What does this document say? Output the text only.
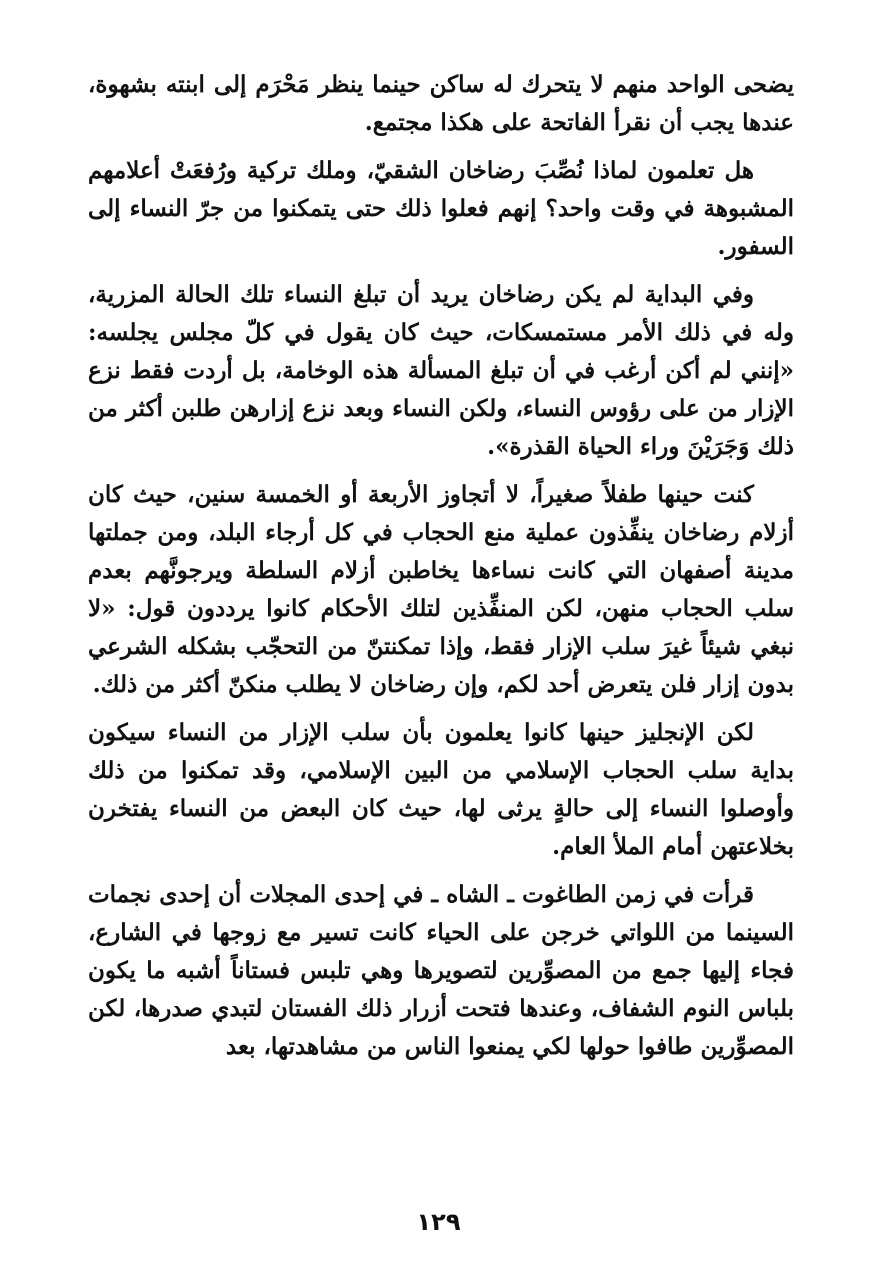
يضحى الواحد منهم لا يتحرك له ساكن حينما ينظر مَحْرَم إلى ابنته بشهوة، عندها يجب أن نقرأ الفاتحة على هكذا مجتمع.

هل تعلمون لماذا نُصِّبَ رضاخان الشقيّ، وملك تركية ورُفعَتْ أعلامهم المشبوهة في وقت واحد؟ إنهم فعلوا ذلك حتى يتمكنوا من جرّ النساء إلى السفور.

وفي البداية لم يكن رضاخان يريد أن تبلغ النساء تلك الحالة المزرية، وله في ذلك الأمر مستمسكات، حيث كان يقول في كلّ مجلس يجلسه: «إنني لم أكن أرغب في أن تبلغ المسألة هذه الوخامة، بل أردت فقط نزع الإزار من على رؤوس النساء، ولكن النساء وبعد نزع إزارهن طلبن أكثر من ذلك وَجَرَيْنَ وراء الحياة القذرة».

كنت حينها طفلاً صغيراً، لا أتجاوز الأربعة أو الخمسة سنين، حيث كان أزلام رضاخان ينفِّذون عملية منع الحجاب في كل أرجاء البلد، ومن جملتها مدينة أصفهان التي كانت نساءها يخاطبن أزلام السلطة ويرجونَّهم بعدم سلب الحجاب منهن، لكن المنفِّذين لتلك الأحكام كانوا يرددون قول: «لا نبغي شيئاً غيرَ سلب الإزار فقط، وإذا تمكنتنّ من التحجّب بشكله الشرعي بدون إزار فلن يتعرض أحد لكم، وإن رضاخان لا يطلب منكنّ أكثر من ذلك.

لكن الإنجليز حينها كانوا يعلمون بأن سلب الإزار من النساء سيكون بداية سلب الحجاب الإسلامي من البين الإسلامي، وقد تمكنوا من ذلك وأوصلوا النساء إلى حالةٍ يرثى لها، حيث كان البعض من النساء يفتخرن بخلاعتهن أمام الملأ العام.

قرأت في زمن الطاغوت ـ الشاه ـ في إحدى المجلات أن إحدى نجمات السينما من اللواتي خرجن على الحياء كانت تسير مع زوجها في الشارع، فجاء إليها جمع من المصوِّرين لتصويرها وهي تلبس فستاناً أشبه ما يكون بلباس النوم الشفاف، وعندها فتحت أزرار ذلك الفستان لتبدي صدرها، لكن المصوِّرين طافوا حولها لكي يمنعوا الناس من مشاهدتها، بعد

١٢٩
